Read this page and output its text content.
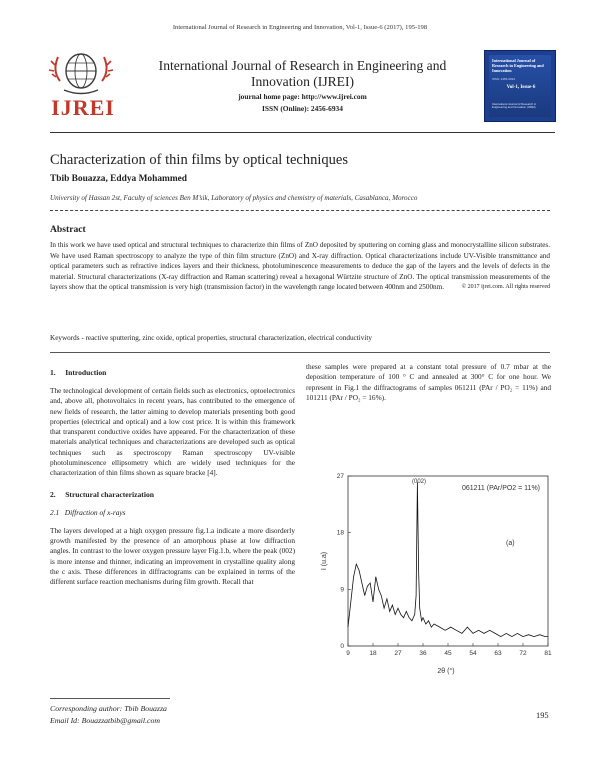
International Journal of Research in Engineering and Innovation, Vol-1, Issue-6 (2017), 195-198
IJREI
International Journal of Research in Engineering and Innovation (IJREI)
journal home page: http://www.ijrei.com
ISSN (Online): 2456-6934
International Journal of Research in Engineering and Innovation
ISSN: 2456-6934
Vol-1, Issue-6
International Journal of Research in Engineering and Innovation (IJREI)
Characterization of thin films by optical techniques
Tbib Bouazza, Eddya Mohammed
University of Hassan 2st, Faculty of sciences Ben M’sik, Laboratory of physics and chemistry of materials, Casablanca, Morocco
Abstract
In this work we have used optical and structural techniques to characterize thin films of ZnO deposited by sputtering on corning glass and monocrystalline silicon substrates. We have used Raman spectroscopy to analyze the type of thin film structure (ZnO) and X-ray diffraction. Optical characterizations include UV-Visible transmittance and optical parameters such as refractive indices layers and their thickness, photoluminescence measurements to deduce the gap of the layers and the levels of defects in the material. Structural characterizations (X-ray diffraction and Raman scattering) reveal a hexagonal Würtzite structure of ZnO. The optical transmission measurements of the layers show that the optical transmission is very high (transmission factor) in the wavelength range located between 400nm and 2500nm.	© 2017 ijrei.com. All rights reserved
Keywords - reactive sputtering, zinc oxide, optical properties, structural characterization, electrical conductivity
1.     Introduction
The technological development of certain fields such as electronics, optoelectronics and, above all, photovoltaics in recent years, has contributed to the emergence of new fields of research, the latter aiming to develop materials presenting both good properties (electrical and optical) and a low cost price. It is within this framework that transparent conductive oxides have appeared. For the characterization of these materials analytical techniques and characterizations are developed such as optical techniques such as spectroscopy Raman spectroscopy UV-visible photoluminescence ellipsometry which are widely used techniques for the characterization of thin films shown as square bracke [4].
2.     Structural characterization
2.1   Diffraction of x-rays
The layers developed at a high oxygen pressure fig.1.a indicate a more disorderly growth manifested by the presence of an amorphous phase at low diffraction angles. In contrast to the lower oxygen pressure layer Fig.1.b, where the peak (002) is more intense and thinner, indicating an improvement in crystalline quality along the c axis. These differences in diffractograms can be explained in terms of the different surface reaction mechanisms during film growth. Recall that
these samples were prepared at a constant total pressure of 0.7 mbar at the deposition temperature of 100 ° C and annealed at 300° C for one hour. We represent in Fig.1 the diffractograms of samples 061211 (PAr / PO₂ = 11%) and 101211 (PAr / PO₂ = 16%).
061211 (PAr/PO2 = 11%)
(002)
(a)
2θ (°)
I (u.a)
9	18	27	36	45	54	63	72	81
0
9
18
27
Corresponding author: Tbib Bouazza
Email Id: Bouazzatbib@gmail.com
195
